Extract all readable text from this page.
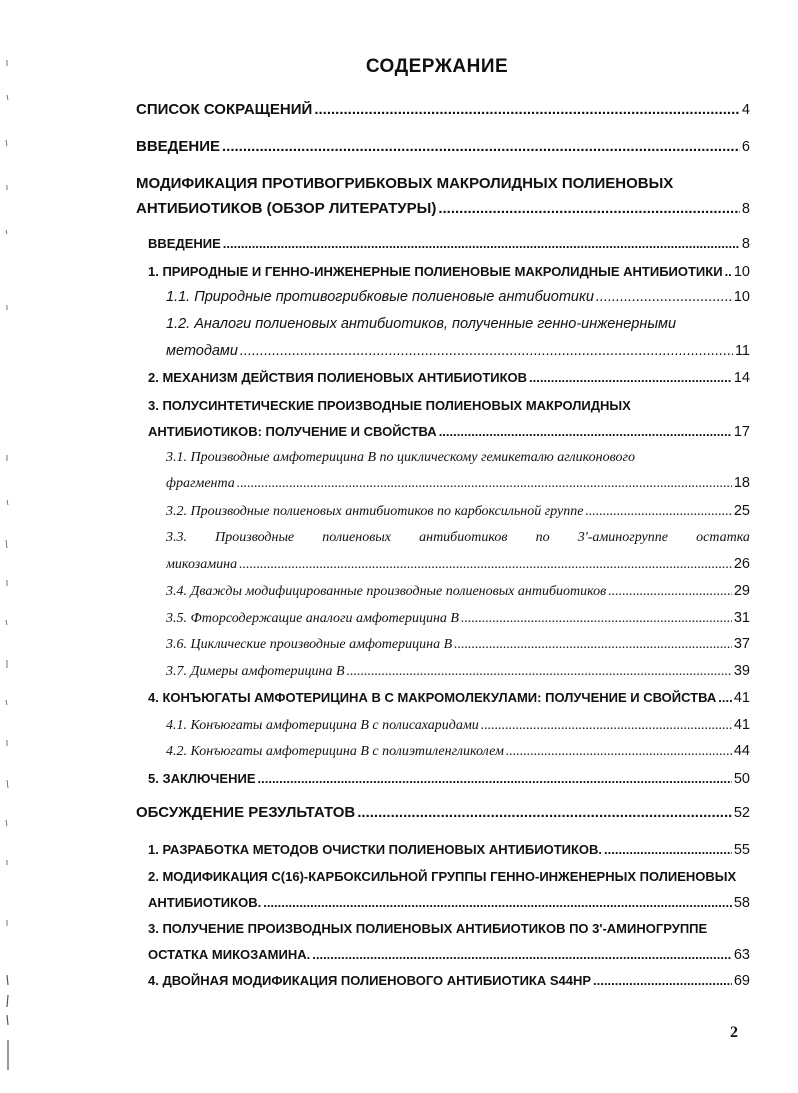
СОДЕРЖАНИЕ
СПИСОК СОКРАЩЕНИЙ .....	4
ВВЕДЕНИЕ .....	6
МОДИФИКАЦИЯ ПРОТИВОГРИБКОВЫХ МАКРОЛИДНЫХ ПОЛИЕНОВЫХ
АНТИБИОТИКОВ (ОБЗОР ЛИТЕРАТУРЫ) .....	8
ВВЕДЕНИЕ .....	8
1. ПРИРОДНЫЕ И ГЕННО-ИНЖЕНЕРНЫЕ ПОЛИЕНОВЫЕ МАКРОЛИДНЫЕ АНТИБИОТИКИ ..... 10
1.1. Природные противогрибковые полиеновые антибиотики .....	10
1.2. Аналоги полиеновых антибиотиков, полученные генно-инженерными
методами .....	11
2. МЕХАНИЗМ ДЕЙСТВИЯ ПОЛИЕНОВЫХ АНТИБИОТИКОВ .....	14
3. ПОЛУСИНТЕТИЧЕСКИЕ ПРОИЗВОДНЫЕ ПОЛИЕНОВЫХ МАКРОЛИДНЫХ
АНТИБИОТИКОВ: ПОЛУЧЕНИЕ И СВОЙСТВА .....	17
3.1. Производные амфотерицина В по циклическому гемикеталю агликонового
фрагмента .....	18
3.2. Производные полиеновых антибиотиков по карбоксильной группе .....	25
3.3. Производные полиеновых антибиотиков по 3'-аминогруппе остатка
микозамина .....	26
3.4. Дважды модифицированные производные полиеновых антибиотиков .....	29
3.5. Фторсодержащие аналоги амфотерицина В .....	31
3.6. Циклические производные амфотерицина В .....	37
3.7. Димеры амфотерицина В .....	39
4. КОНЪЮГАТЫ АМФОТЕРИЦИНА В С МАКРОМОЛЕКУЛАМИ: ПОЛУЧЕНИЕ И СВОЙСТВА ..... 41
4.1. Конъюгаты амфотерицина В с полисахаридами .....	41
4.2. Конъюгаты амфотерицина В с полиэтиленгликолем .....	44
5. ЗАКЛЮЧЕНИЕ .....	50
ОБСУЖДЕНИЕ РЕЗУЛЬТАТОВ .....	52
1. РАЗРАБОТКА МЕТОДОВ ОЧИСТКИ ПОЛИЕНОВЫХ АНТИБИОТИКОВ. .....	55
2. МОДИФИКАЦИЯ С(16)-КАРБОКСИЛЬНОЙ ГРУППЫ ГЕННО-ИНЖЕНЕРНЫХ ПОЛИЕНОВЫХ
АНТИБИОТИКОВ. .....	58
3. ПОЛУЧЕНИЕ ПРОИЗВОДНЫХ ПОЛИЕНОВЫХ АНТИБИОТИКОВ ПО 3'-АМИНОГРУППЕ
ОСТАТКА МИКОЗАМИНА. .....	63
4. ДВОЙНАЯ МОДИФИКАЦИЯ ПОЛИЕНОВОГО АНТИБИОТИКА S44HP .....	69
2
